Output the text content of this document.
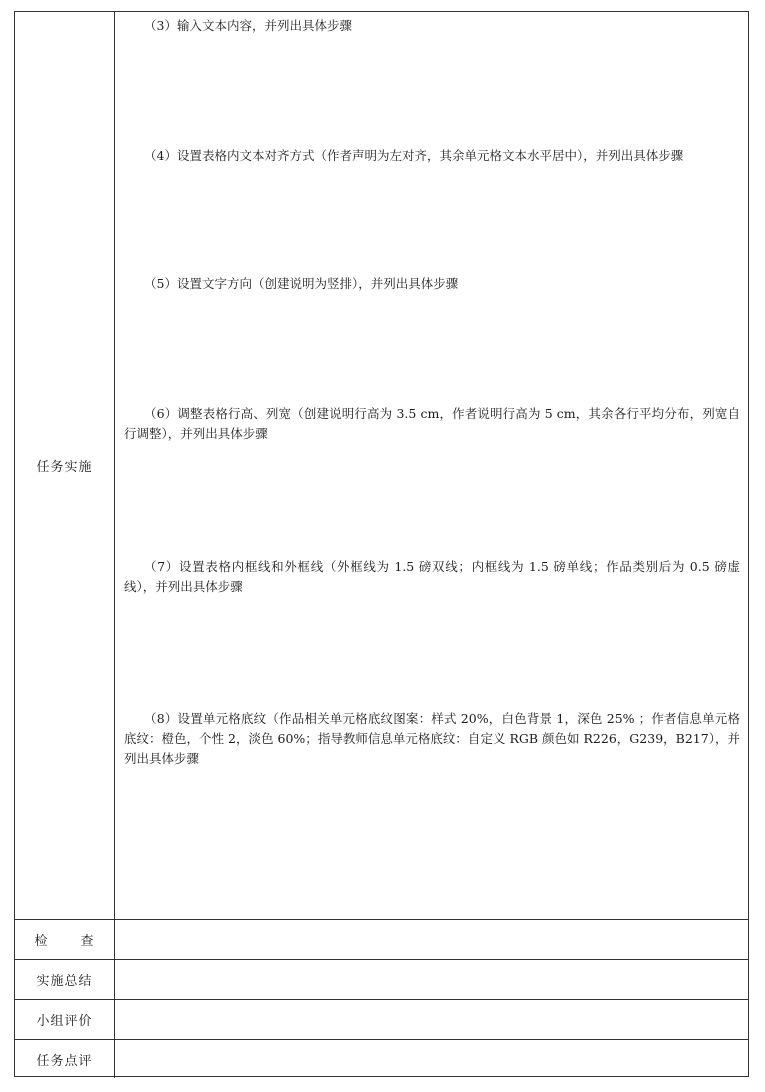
任务实施
（3）输入文本内容，并列出具体步骤
（4）设置表格内文本对齐方式（作者声明为左对齐，其余单元格文本水平居中），并列出具体步骤
（5）设置文字方向（创建说明为竖排），并列出具体步骤
（6）调整表格行高、列宽（创建说明行高为 3.5 cm，作者说明行高为 5 cm，其余各行平均分布，列宽自行调整），并列出具体步骤
（7）设置表格内框线和外框线（外框线为 1.5 磅双线；内框线为 1.5 磅单线；作品类别后为 0.5 磅虚线），并列出具体步骤
（8）设置单元格底纹（作品相关单元格底纹图案：样式 20%，白色背景 1，深色 25% ；作者信息单元格底纹：橙色，个性 2，淡色 60%；指导教师信息单元格底纹：自定义 RGB 颜色如 R226，G239，B217），并列出具体步骤
检 查
实施总结
小组评价
任务点评
